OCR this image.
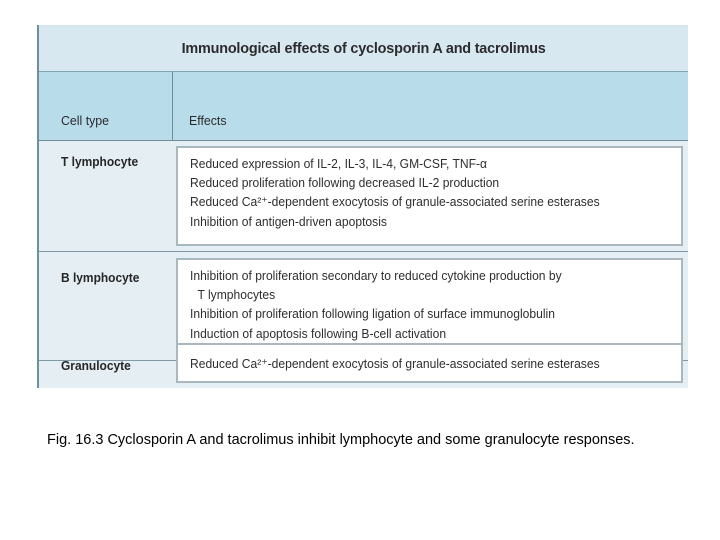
Immunological effects of cyclosporin A and tacrolimus
Cell type	Effects
T lymphocyte	Reduced expression of IL-2, IL-3, IL-4, GM-CSF, TNF-α
Reduced proliferation following decreased IL-2 production
Reduced Ca²⁺-dependent exocytosis of granule-associated serine esterases
Inhibition of antigen-driven apoptosis
B lymphocyte	Inhibition of proliferation secondary to reduced cytokine production by
T lymphocytes
Inhibition of proliferation following ligation of surface immunoglobulin
Induction of apoptosis following B-cell activation
Granulocyte	Reduced Ca²⁺-dependent exocytosis of granule-associated serine esterases
Fig. 16.3 Cyclosporin A and tacrolimus inhibit lymphocyte and some granulocyte responses.
